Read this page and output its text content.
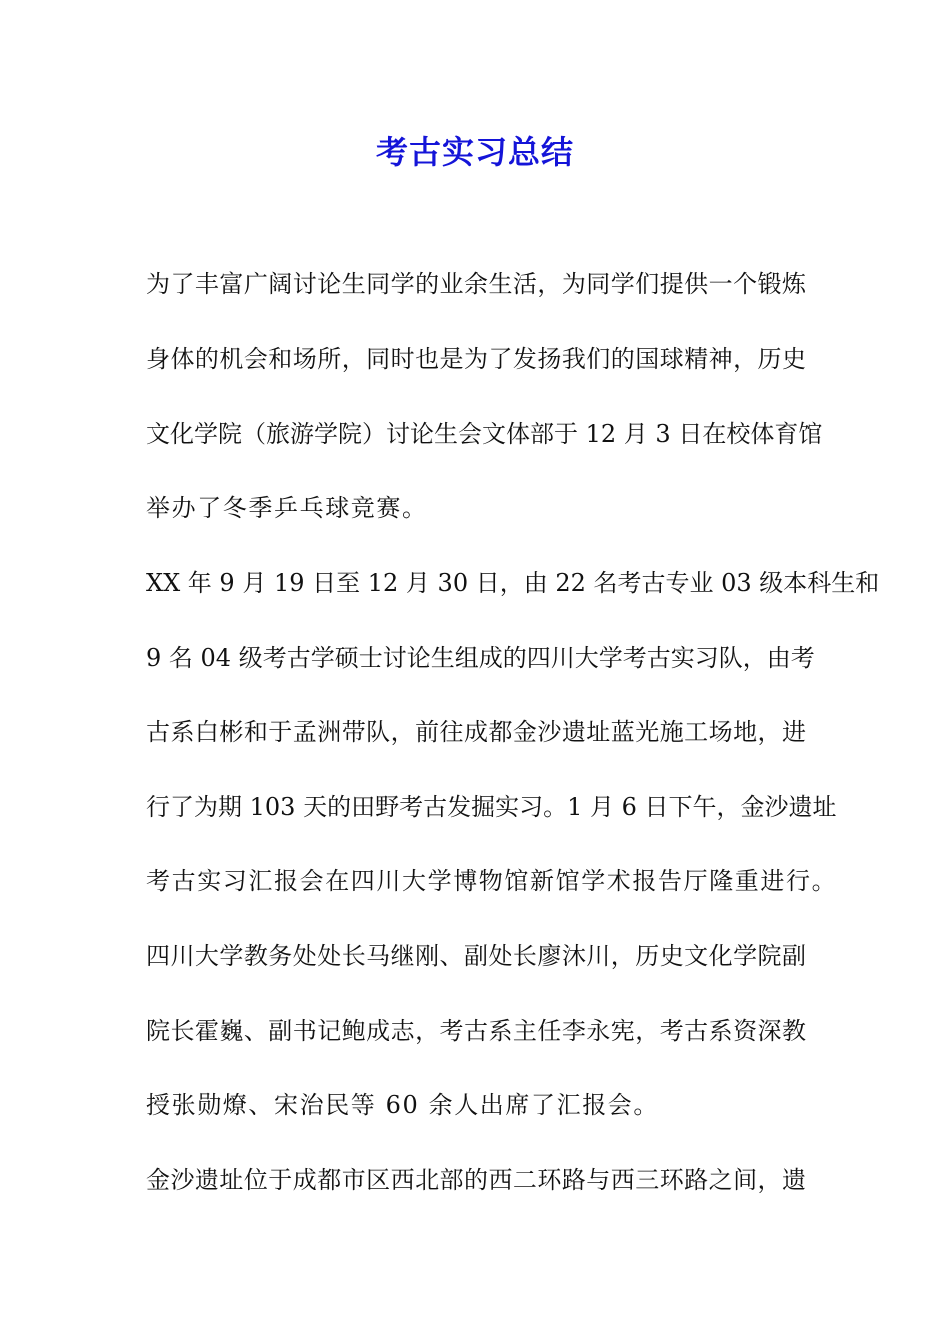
考古实习总结
为了丰富广阔讨论生同学的业余生活，为同学们提供一个锻炼
身体的机会和场所，同时也是为了发扬我们的国球精神，历史
文化学院（旅游学院）讨论生会文体部于 12 月 3 日在校体育馆
举办了冬季乒乓球竞赛。
XX 年 9 月 19 日至 12 月 30 日，由 22 名考古专业 03 级本科生和
9 名 04 级考古学硕士讨论生组成的四川大学考古实习队，由考
古系白彬和于孟洲带队，前往成都金沙遗址蓝光施工场地，进
行了为期 103 天的田野考古发掘实习。1 月 6 日下午，金沙遗址
考古实习汇报会在四川大学博物馆新馆学术报告厅隆重进行。
四川大学教务处处长马继刚、副处长廖沐川，历史文化学院副
院长霍巍、副书记鲍成志，考古系主任李永宪，考古系资深教
授张勋燎、宋治民等 60 余人出席了汇报会。
金沙遗址位于成都市区西北部的西二环路与西三环路之间，遗
